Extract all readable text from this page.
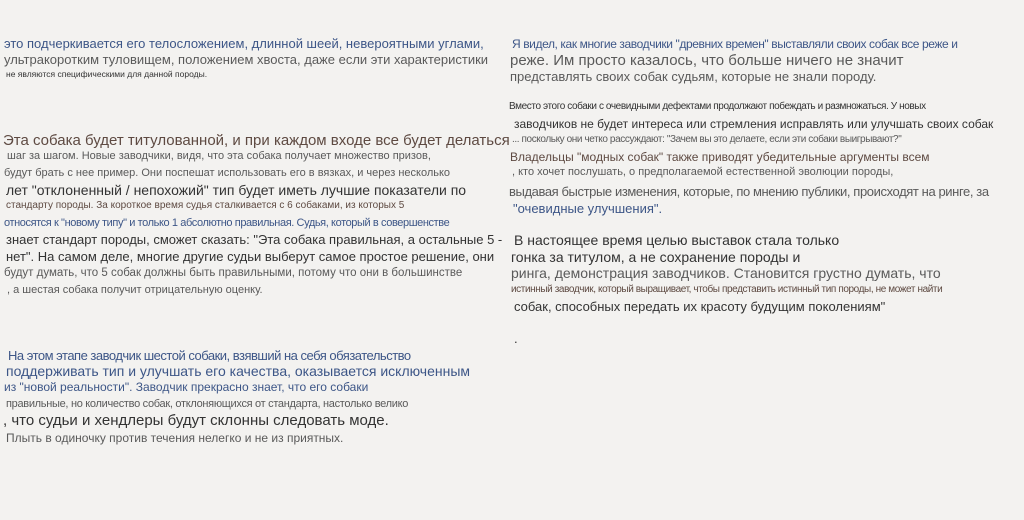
это подчеркивается его телосложением, длинной шеей, невероятными углами,
ультракоротким туловищем, положением хвоста, даже если эти характеристики
не являются специфическими для данной породы.
Эта собака будет титулованной, и при каждом входе все будет делаться
шаг за шагом. Новые заводчики, видя, что эта собака получает множество призов,
будут брать с нее пример. Они поспешат использовать его в вязках, и через несколько
лет "отклоненный / непохожий" тип будет иметь лучшие показатели по
стандарту породы. За короткое время судья сталкивается с 6 собаками, из которых 5
относятся к "новому типу" и только 1 абсолютно правильная. Судья, который в совершенстве
знает стандарт породы, сможет сказать: "Эта собака правильная, а остальные 5 -
нет". На самом деле, многие другие судьи выберут самое простое решение, они
будут думать, что 5 собак должны быть правильными, потому что они в большинстве
, а шестая собака получит отрицательную оценку.
На этом этапе заводчик шестой собаки, взявший на себя обязательство
поддерживать тип и улучшать его качества, оказывается исключенным
из "новой реальности". Заводчик прекрасно знает, что его собаки
правильные, но количество собак, отклоняющихся от стандарта, настолько велико
, что судьи и хендлеры будут склонны следовать моде.
Плыть в одиночку против течения нелегко и не из приятных.
Я видел, как многие заводчики "древних времен" выставляли своих собак все реже и
реже. Им просто казалось, что больше ничего не значит
представлять своих собак судьям, которые не знали породу.
Вместо этого собаки с очевидными дефектами продолжают побеждать и размножаться. У новых
заводчиков не будет интереса или стремления исправлять или улучшать своих собак
... поскольку они четко рассуждают: "Зачем вы это делаете, если эти собаки выигрывают?"
Владельцы "модных собак" также приводят убедительные аргументы всем
, кто хочет послушать, о предполагаемой естественной эволюции породы,
выдавая быстрые изменения, которые, по мнению публики, происходят на ринге, за
"очевидные улучшения".
В настоящее время целью выставок стала только
гонка за титулом, а не сохранение породы и
ринга, демонстрация заводчиков. Становится грустно думать, что
истинный заводчик, который выращивает, чтобы представить истинный тип породы, не может найти
собак, способных передать их красоту будущим поколениям"
.
